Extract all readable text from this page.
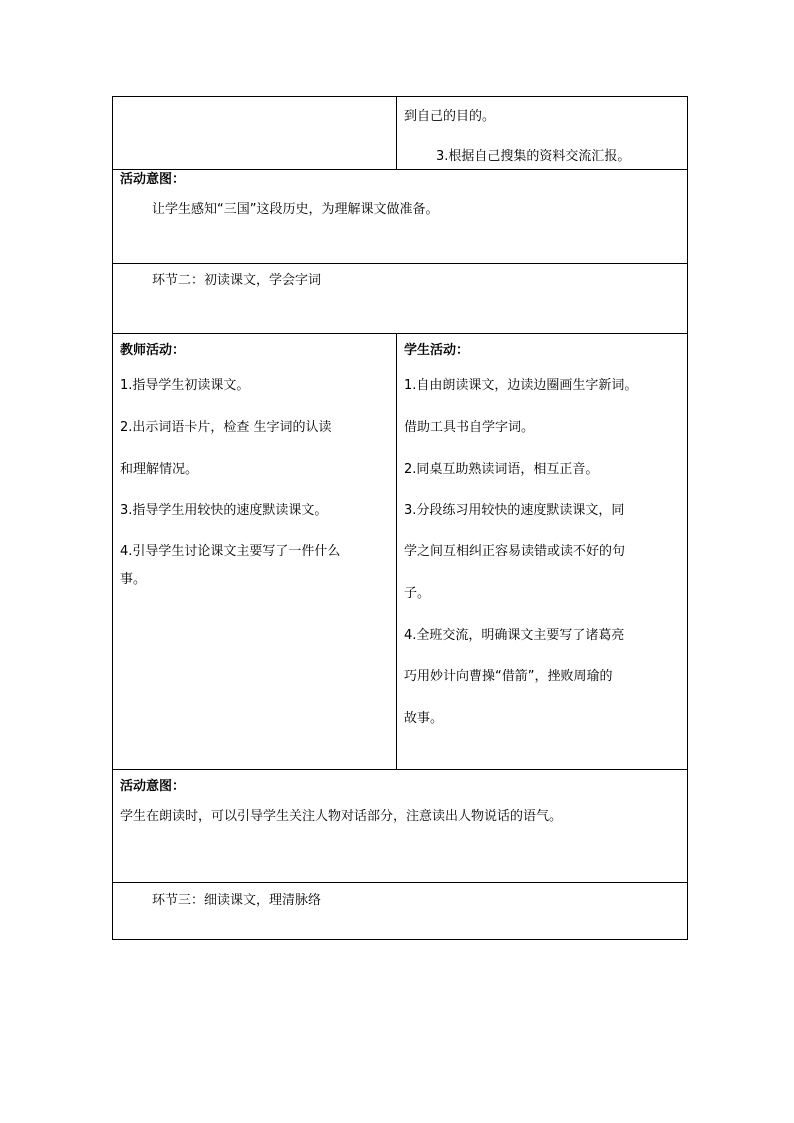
到自己的目的。
3.根据自己搜集的资料交流汇报。
活动意图：
让学生感知“三国”这段历史，为理解课文做准备。
环节二：初读课文，学会字词
教师活动：
1.指导学生初读课文。
2.出示词语卡片，检查 生字词的认读
和理解情况。
3.指导学生用较快的速度默读课文。
4.引导学生讨论课文主要写了一件什么
事。
学生活动：
1.自由朗读课文，边读边圈画生字新词。
借助工具书自学字词。
2.同桌互助熟读词语，相互正音。
3.分段练习用较快的速度默读课文，同
学之间互相纠正容易读错或读不好的句
子。
4.全班交流，明确课文主要写了诸葛亮
巧用妙计向曹操“借箭”，挫败周瑜的
故事。
活动意图：
学生在朗读时，可以引导学生关注人物对话部分，注意读出人物说话的语气。
环节三：细读课文，理清脉络
